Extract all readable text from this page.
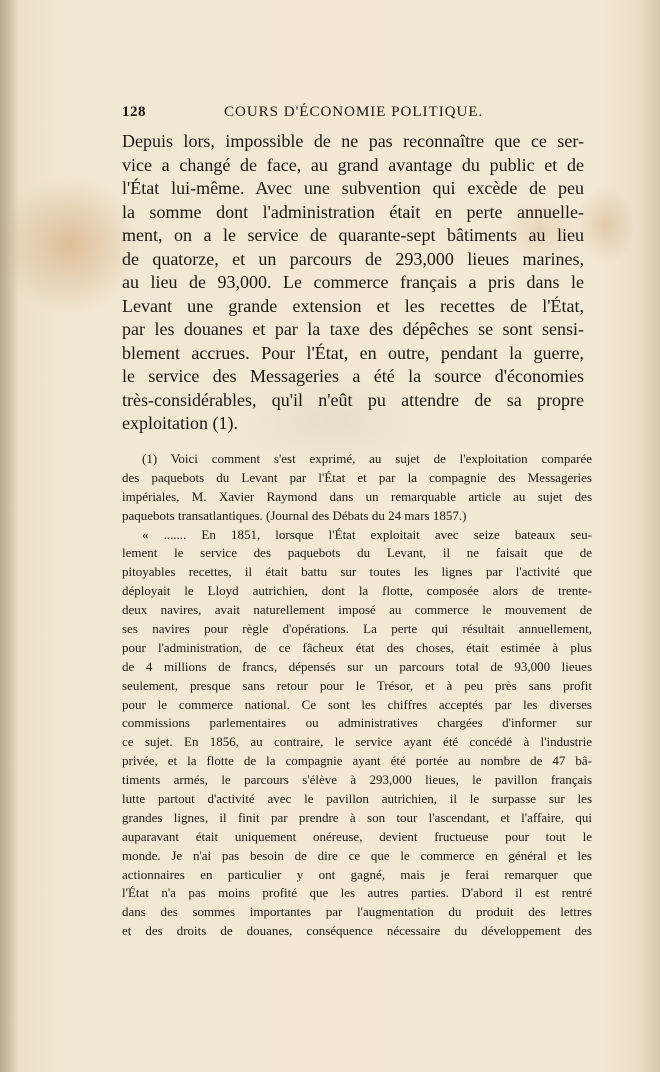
128	COURS D'ÉCONOMIE POLITIQUE.
Depuis lors, impossible de ne pas reconnaître que ce ser-
vice a changé de face, au grand avantage du public et de
l'État lui-même. Avec une subvention qui excède de peu
la somme dont l'administration était en perte annuelle-
ment, on a le service de quarante-sept bâtiments au lieu
de quatorze, et un parcours de 293,000 lieues marines,
au lieu de 93,000. Le commerce français a pris dans le
Levant une grande extension et les recettes de l'État,
par les douanes et par la taxe des dépêches se sont sensi-
blement accrues. Pour l'État, en outre, pendant la guerre,
le service des Messageries a été la source d'économies
très-considérables, qu'il n'eût pu attendre de sa propre
exploitation (1).
(1) Voici comment s'est exprimé, au sujet de l'exploitation comparée
des paquebots du Levant par l'État et par la compagnie des Messageries
impériales, M. Xavier Raymond dans un remarquable article au sujet des
paquebots transatlantiques. (Journal des Débats du 24 mars 1857.)
« ....... En 1851, lorsque l'État exploitait avec seize bateaux seu-
lement le service des paquebots du Levant, il ne faisait que de
pitoyables recettes, il était battu sur toutes les lignes par l'activité que
déployait le Lloyd autrichien, dont la flotte, composée alors de trente-
deux navires, avait naturellement imposé au commerce le mouvement de
ses navires pour règle d'opérations. La perte qui résultait annuellement,
pour l'administration, de ce fâcheux état des choses, était estimée à plus
de 4 millions de francs, dépensés sur un parcours total de 93,000 lieues
seulement, presque sans retour pour le Trésor, et à peu près sans profit
pour le commerce national. Ce sont les chiffres acceptés par les diverses
commissions parlementaires ou administratives chargées d'informer sur
ce sujet. En 1856, au contraire, le service ayant été concédé à l'industrie
privée, et la flotte de la compagnie ayant été portée au nombre de 47 bâ-
timents armés, le parcours s'élève à 293,000 lieues, le pavillon français
lutte partout d'activité avec le pavillon autrichien, il le surpasse sur les
grandes lignes, il finit par prendre à son tour l'ascendant, et l'affaire, qui
auparavant était uniquement onéreuse, devient fructueuse pour tout le
monde. Je n'ai pas besoin de dire ce que le commerce en général et les
actionnaires en particulier y ont gagné, mais je ferai remarquer que
l'État n'a pas moins profité que les autres parties. D'abord il est rentré
dans des sommes importantes par l'augmentation du produit des lettres
et des droits de douanes, conséquence nécessaire du développement des
